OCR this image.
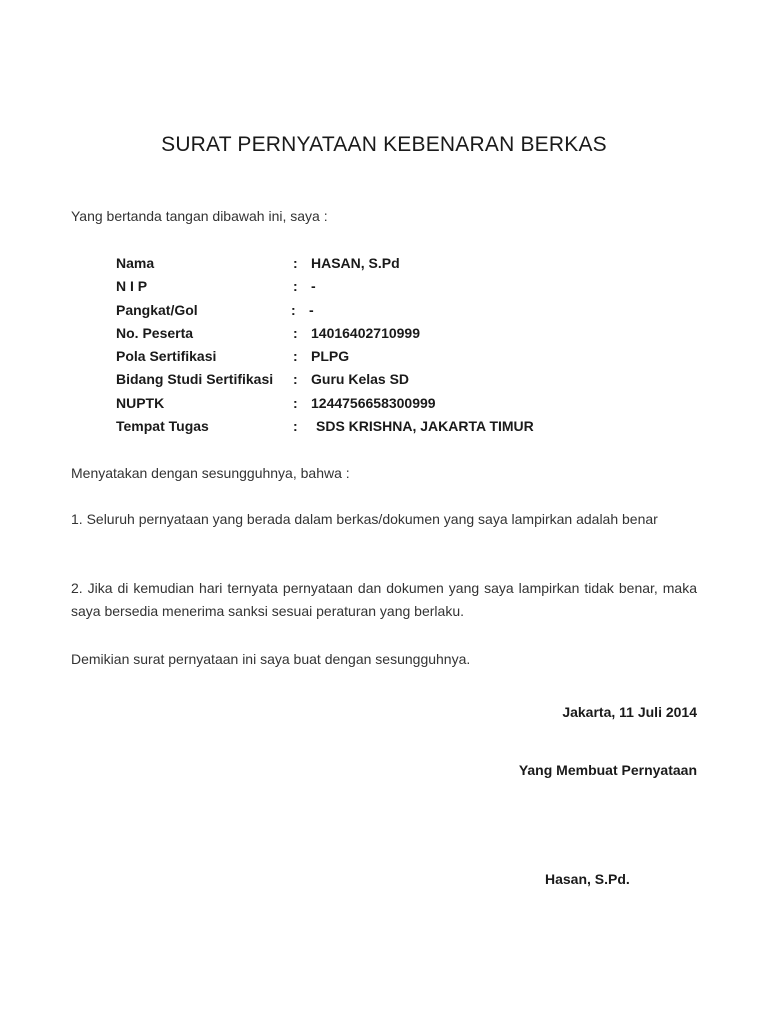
SURAT PERNYATAAN KEBENARAN BERKAS
Yang bertanda tangan dibawah ini, saya :
Nama	: HASAN, S.Pd
N I P	: -
Pangkat/Gol	: -
No. Peserta	: 14016402710999
Pola Sertifikasi	: PLPG
Bidang Studi Sertifikasi : Guru Kelas SD
NUPTK	: 1244756658300999
Tempat Tugas	: SDS KRISHNA, JAKARTA TIMUR
Menyatakan dengan sesungguhnya, bahwa :
1. Seluruh pernyataan yang berada dalam berkas/dokumen yang saya lampirkan adalah benar
2. Jika di kemudian hari ternyata pernyataan dan dokumen yang saya lampirkan tidak benar, maka saya bersedia menerima sanksi sesuai peraturan yang berlaku.
Demikian surat pernyataan ini saya buat dengan sesungguhnya.
Jakarta, 11 Juli 2014
Yang Membuat Pernyataan
Hasan, S.Pd.
